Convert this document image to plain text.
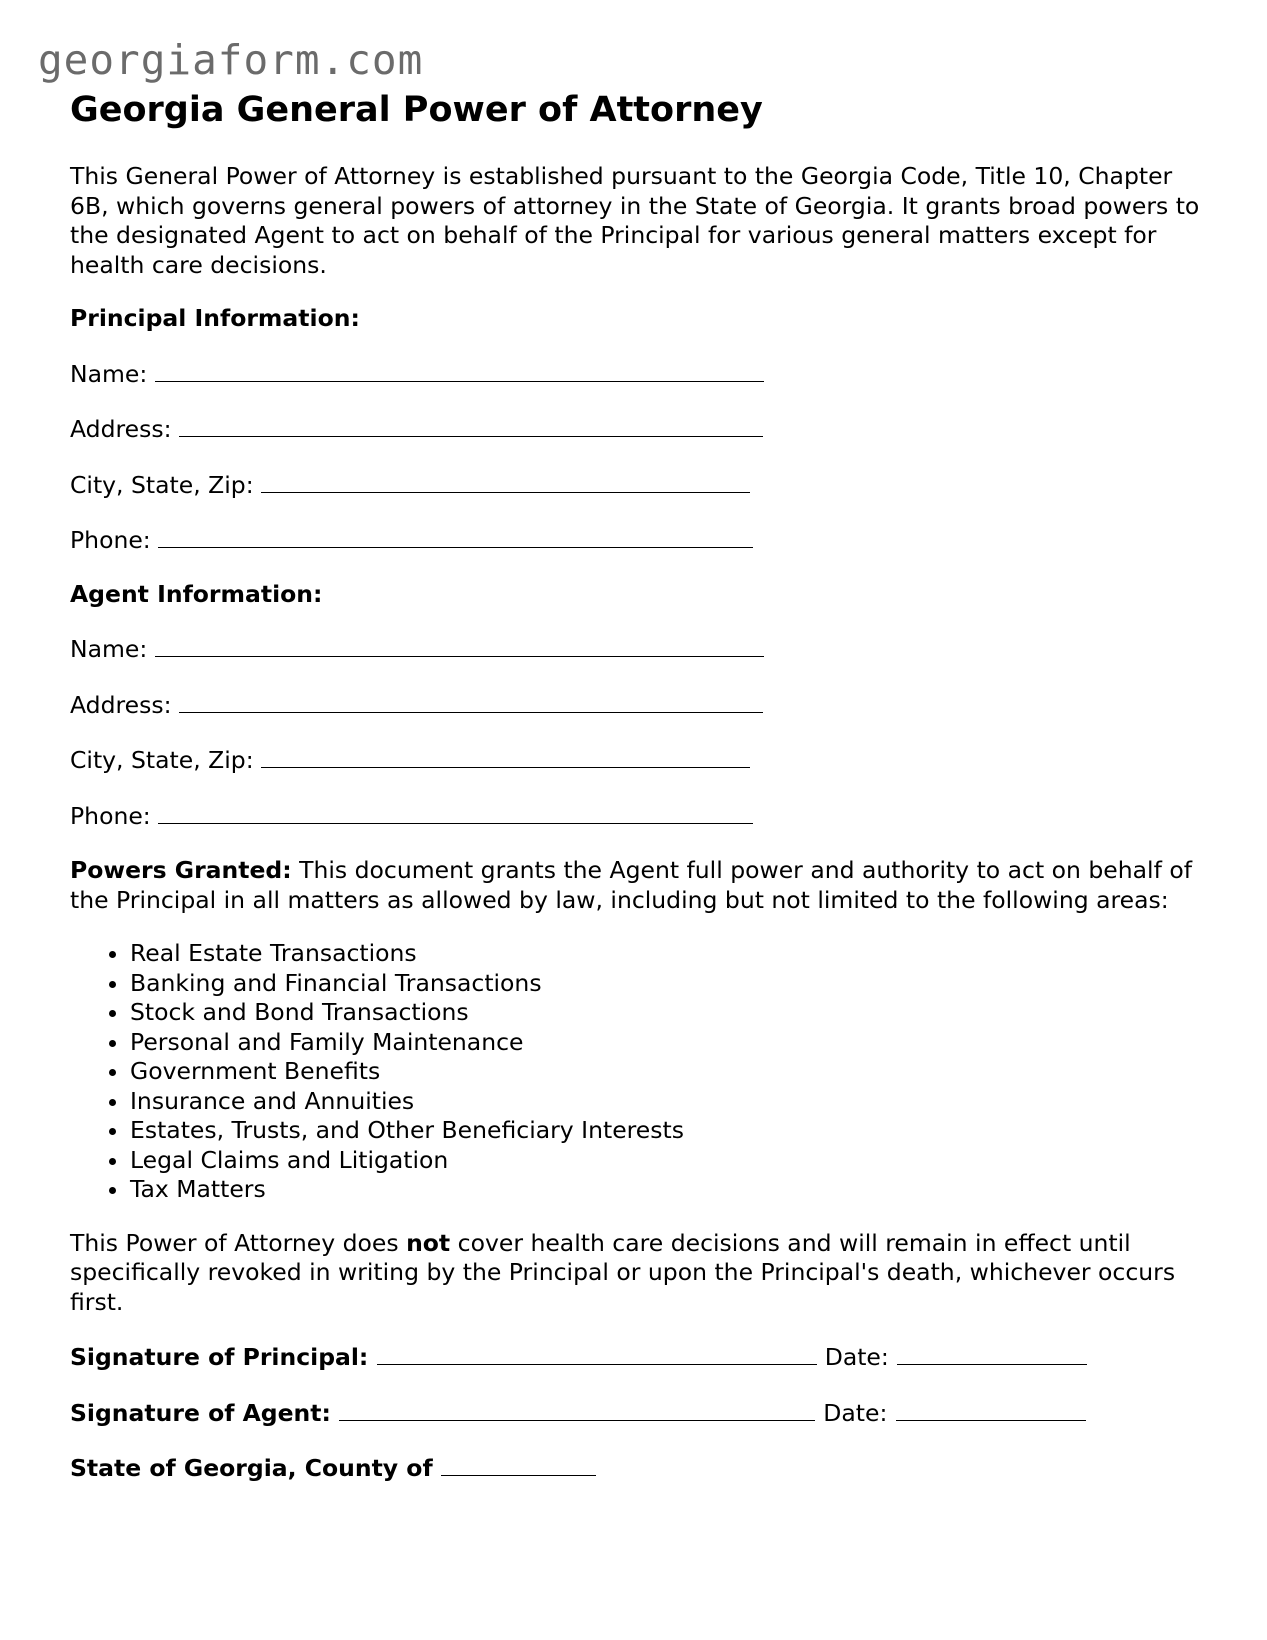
georgiaform.com
Georgia General Power of Attorney

This General Power of Attorney is established pursuant to the Georgia Code, Title 10, Chapter 6B, which governs general powers of attorney in the State of Georgia. It grants broad powers to the designated Agent to act on behalf of the Principal for various general matters except for health care decisions.

Principal Information:

Name:

Address:

City, State, Zip:

Phone:

Agent Information:

Name:

Address:

City, State, Zip:

Phone:

Powers Granted: This document grants the Agent full power and authority to act on behalf of the Principal in all matters as allowed by law, including but not limited to the following areas:

• Real Estate Transactions
• Banking and Financial Transactions
• Stock and Bond Transactions
• Personal and Family Maintenance
• Government Benefits
• Insurance and Annuities
• Estates, Trusts, and Other Beneficiary Interests
• Legal Claims and Litigation
• Tax Matters

This Power of Attorney does not cover health care decisions and will remain in effect until specifically revoked in writing by the Principal or upon the Principal's death, whichever occurs first.

Signature of Principal:	Date:

Signature of Agent:	Date:

State of Georgia, County of
